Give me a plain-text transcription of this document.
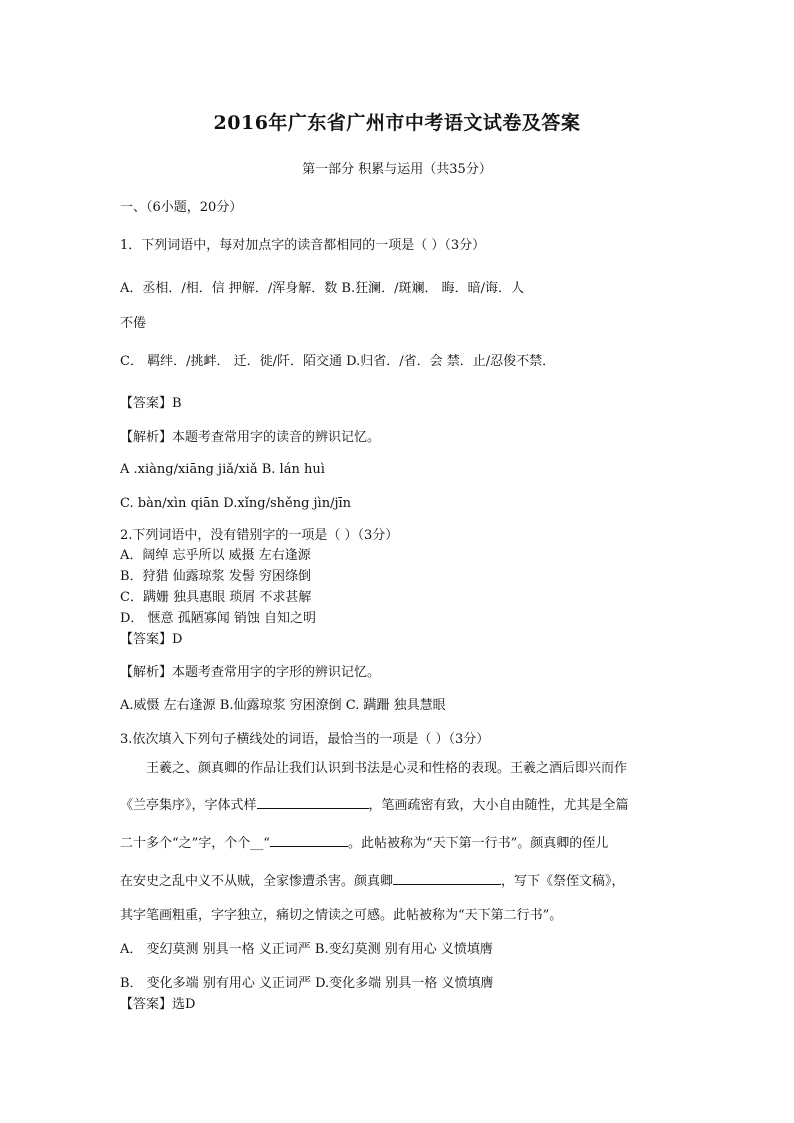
2016年广东省广州市中考语文试卷及答案
第一部分 积累与运用（共35分）
一、（6小题，20分）
1．下列词语中，每对加点字的读音都相同的一项是（ ）（3分）
A．丞相．/相．信 押解．/浑身解．数 B.狂澜．/斑斓． 晦．暗/诲．人
不倦
C． 羁绊．/挑衅． 迁．徙/阡．陌交通 D.归省．/省．会 禁．止/忍俊不禁．
【答案】B
【解析】本题考查常用字的读音的辨识记忆。
A .xiàng/xiāng jiǎ/xiǎ B. lán huì
C. bàn/xìn qiān D.xǐng/shěng jìn/jīn
2.下列词语中，没有错别字的一项是（ ）（3分）
A．阔绰 忘乎所以 威摄 左右逢源
B．狩猎 仙露琼浆 发髻 穷困绦倒
C．蹒姗 独具惠眼 琐屑 不求甚解
D． 惬意 孤陋寡闻 销蚀 自知之明
【答案】D
【解析】本题考查常用字的字形的辨识记忆。
A.威慑 左右逢源 B.仙露琼浆 穷困潦倒 C. 蹒跚 独具慧眼
3.依次填入下列句子横线处的词语，最恰当的一项是（ ）（3分）
王羲之、颜真卿的作品让我们认识到书法是心灵和性格的表现。王羲之酒后即兴而作
《兰亭集序》，字体式样	，笔画疏密有致，大小自由随性，尤其是全篇
二十多个“之”字，个个__“	。此帖被称为“天下第一行书”。颜真卿的侄儿
在安史之乱中义不从贼，全家惨遭杀害。颜真卿	，写下《祭侄文稿》，
其字笔画粗重，字字独立，痛切之情读之可感。此帖被称为“天下第二行书”。
A． 变幻莫测 别具一格 义正词严 B.变幻莫测 别有用心 义愤填膺
B． 变化多端 别有用心 义正词严 D.变化多端 别具一格 义愤填膺
【答案】选D
